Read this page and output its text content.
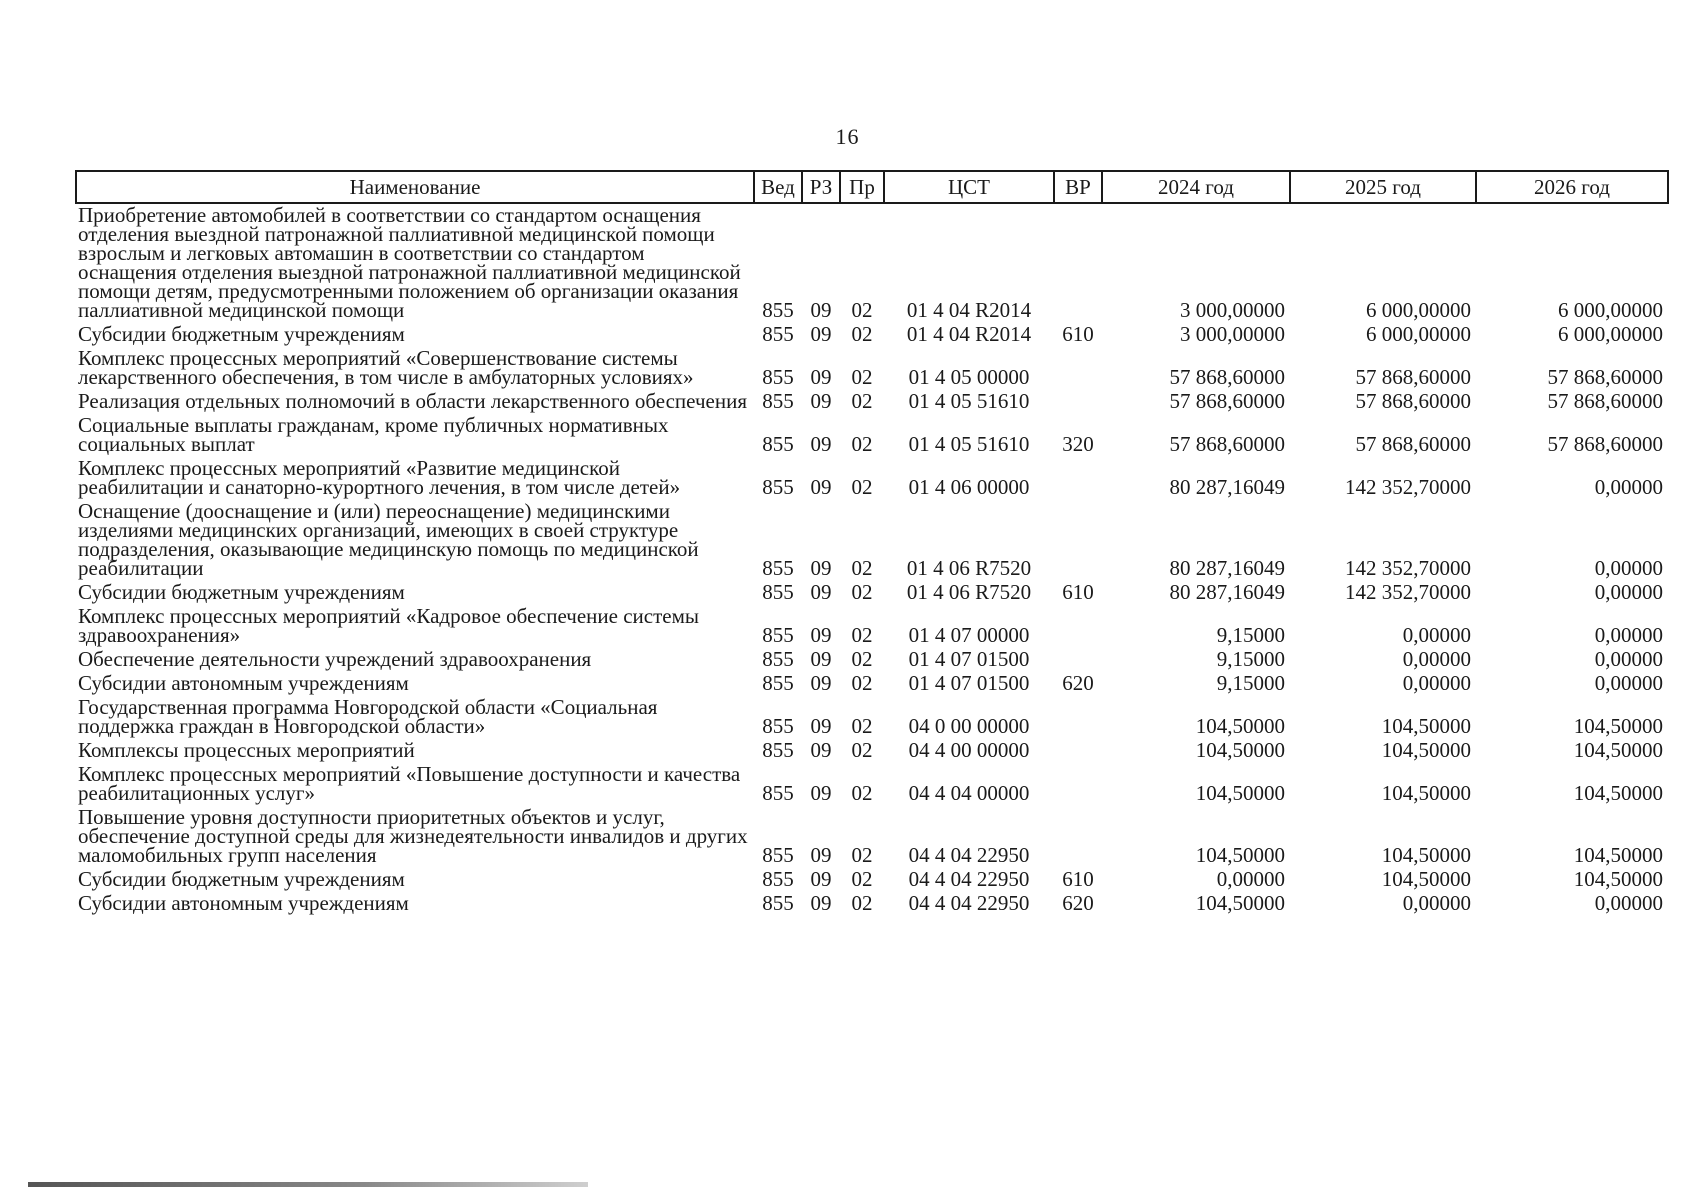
16
Наименование	Вед	РЗ	Пр	ЦСТ	ВР	2024 год	2025 год	2026 год
Приобретение автомобилей в соответствии со стандартом оснащения отделения выездной патронажной паллиативной медицинской помощи взрослым и легковых автомашин в соответствии со стандартом оснащения отделения выездной патронажной паллиативной медицинской помощи детям, предусмотренными положением об организации оказания паллиативной медицинской помощи	855	09	02	01 4 04 R2014		3 000,00000	6 000,00000	6 000,00000
Субсидии бюджетным учреждениям	855	09	02	01 4 04 R2014	610	3 000,00000	6 000,00000	6 000,00000
Комплекс процессных мероприятий «Совершенствование системы лекарственного обеспечения, в том числе в амбулаторных условиях»	855	09	02	01 4 05 00000		57 868,60000	57 868,60000	57 868,60000
Реализация отдельных полномочий в области лекарственного обеспечения	855	09	02	01 4 05 51610		57 868,60000	57 868,60000	57 868,60000
Социальные выплаты гражданам, кроме публичных нормативных социальных выплат	855	09	02	01 4 05 51610	320	57 868,60000	57 868,60000	57 868,60000
Комплекс процессных мероприятий «Развитие медицинской реабилитации и санаторно-курортного лечения, в том числе детей»	855	09	02	01 4 06 00000		80 287,16049	142 352,70000	0,00000
Оснащение (дооснащение и (или) переоснащение) медицинскими изделиями медицинских организаций, имеющих в своей структуре подразделения, оказывающие медицинскую помощь по медицинской реабилитации	855	09	02	01 4 06 R7520		80 287,16049	142 352,70000	0,00000
Субсидии бюджетным учреждениям	855	09	02	01 4 06 R7520	610	80 287,16049	142 352,70000	0,00000
Комплекс процессных мероприятий «Кадровое обеспечение системы здравоохранения»	855	09	02	01 4 07 00000		9,15000	0,00000	0,00000
Обеспечение деятельности учреждений здравоохранения	855	09	02	01 4 07 01500		9,15000	0,00000	0,00000
Субсидии автономным учреждениям	855	09	02	01 4 07 01500	620	9,15000	0,00000	0,00000
Государственная программа Новгородской области «Социальная поддержка граждан в Новгородской области»	855	09	02	04 0 00 00000		104,50000	104,50000	104,50000
Комплексы процессных мероприятий	855	09	02	04 4 00 00000		104,50000	104,50000	104,50000
Комплекс процессных мероприятий «Повышение доступности и качества реабилитационных услуг»	855	09	02	04 4 04 00000		104,50000	104,50000	104,50000
Повышение уровня доступности приоритетных объектов и услуг, обеспечение доступной среды для жизнедеятельности инвалидов и других маломобильных групп населения	855	09	02	04 4 04 22950		104,50000	104,50000	104,50000
Субсидии бюджетным учреждениям	855	09	02	04 4 04 22950	610	0,00000	104,50000	104,50000
Субсидии автономным учреждениям	855	09	02	04 4 04 22950	620	104,50000	0,00000	0,00000
